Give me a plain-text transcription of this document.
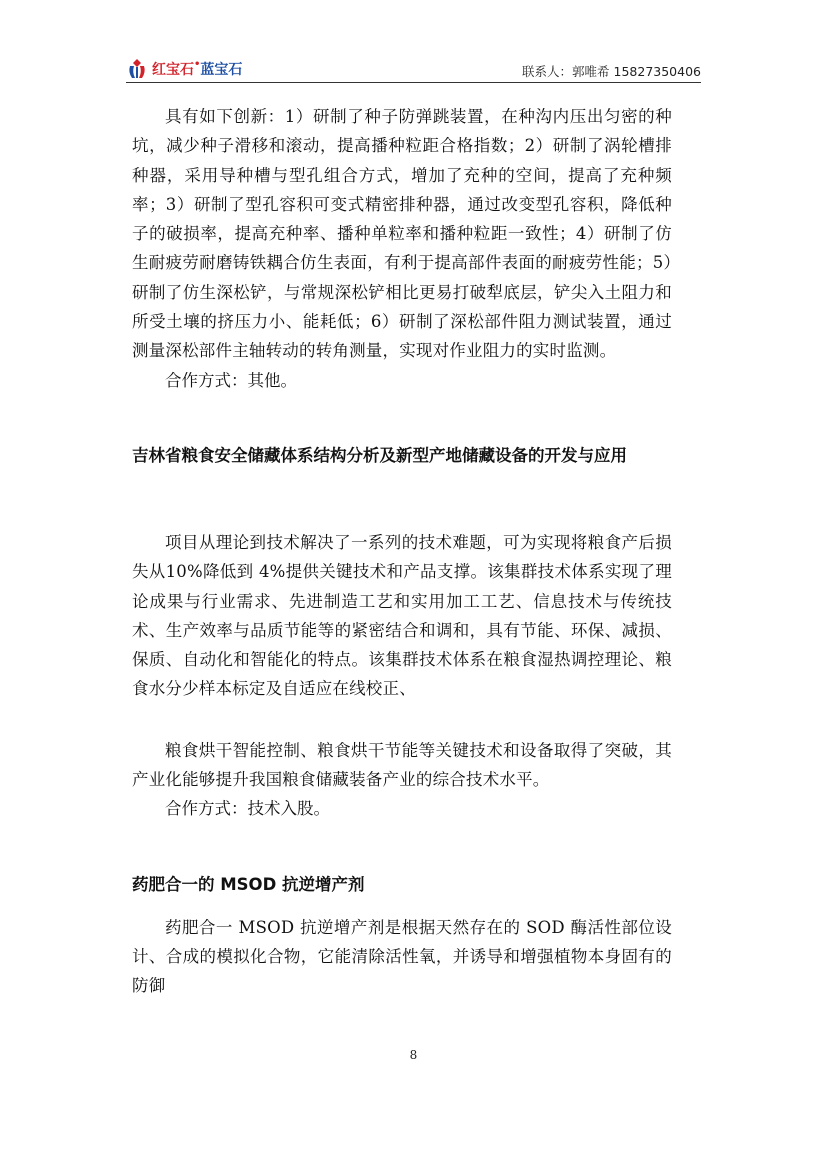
红宝石•蓝宝石	联系人：郭唯希 15827350406

具有如下创新：1）研制了种子防弹跳装置，在种沟内压出匀密的种坑，减少种子滑移和滚动，提高播种粒距合格指数；2）研制了涡轮槽排种器，采用导种槽与型孔组合方式，增加了充种的空间，提高了充种频率；3）研制了型孔容积可变式精密排种器，通过改变型孔容积，降低种子的破损率，提高充种率、播种单粒率和播种粒距一致性；4）研制了仿生耐疲劳耐磨铸铁耦合仿生表面，有利于提高部件表面的耐疲劳性能；5）研制了仿生深松铲，与常规深松铲相比更易打破犁底层，铲尖入土阻力和所受土壤的挤压力小、能耗低；6）研制了深松部件阻力测试装置，通过测量深松部件主轴转动的转角测量，实现对作业阻力的实时监测。

合作方式：其他。

吉林省粮食安全储藏体系结构分析及新型产地储藏设备的开发与应用

项目从理论到技术解决了一系列的技术难题，可为实现将粮食产后损失从10%降低到 4%提供关键技术和产品支撑。该集群技术体系实现了理论成果与行业需求、先进制造工艺和实用加工工艺、信息技术与传统技术、生产效率与品质节能等的紧密结合和调和，具有节能、环保、减损、保质、自动化和智能化的特点。该集群技术体系在粮食湿热调控理论、粮食水分少样本标定及自适应在线校正、

粮食烘干智能控制、粮食烘干节能等关键技术和设备取得了突破，其产业化能够提升我国粮食储藏装备产业的综合技术水平。

合作方式：技术入股。

药肥合一的 MSOD 抗逆增产剂

药肥合一 MSOD 抗逆增产剂是根据天然存在的 SOD 酶活性部位设计、合成的模拟化合物，它能清除活性氧，并诱导和增强植物本身固有的防御

8
